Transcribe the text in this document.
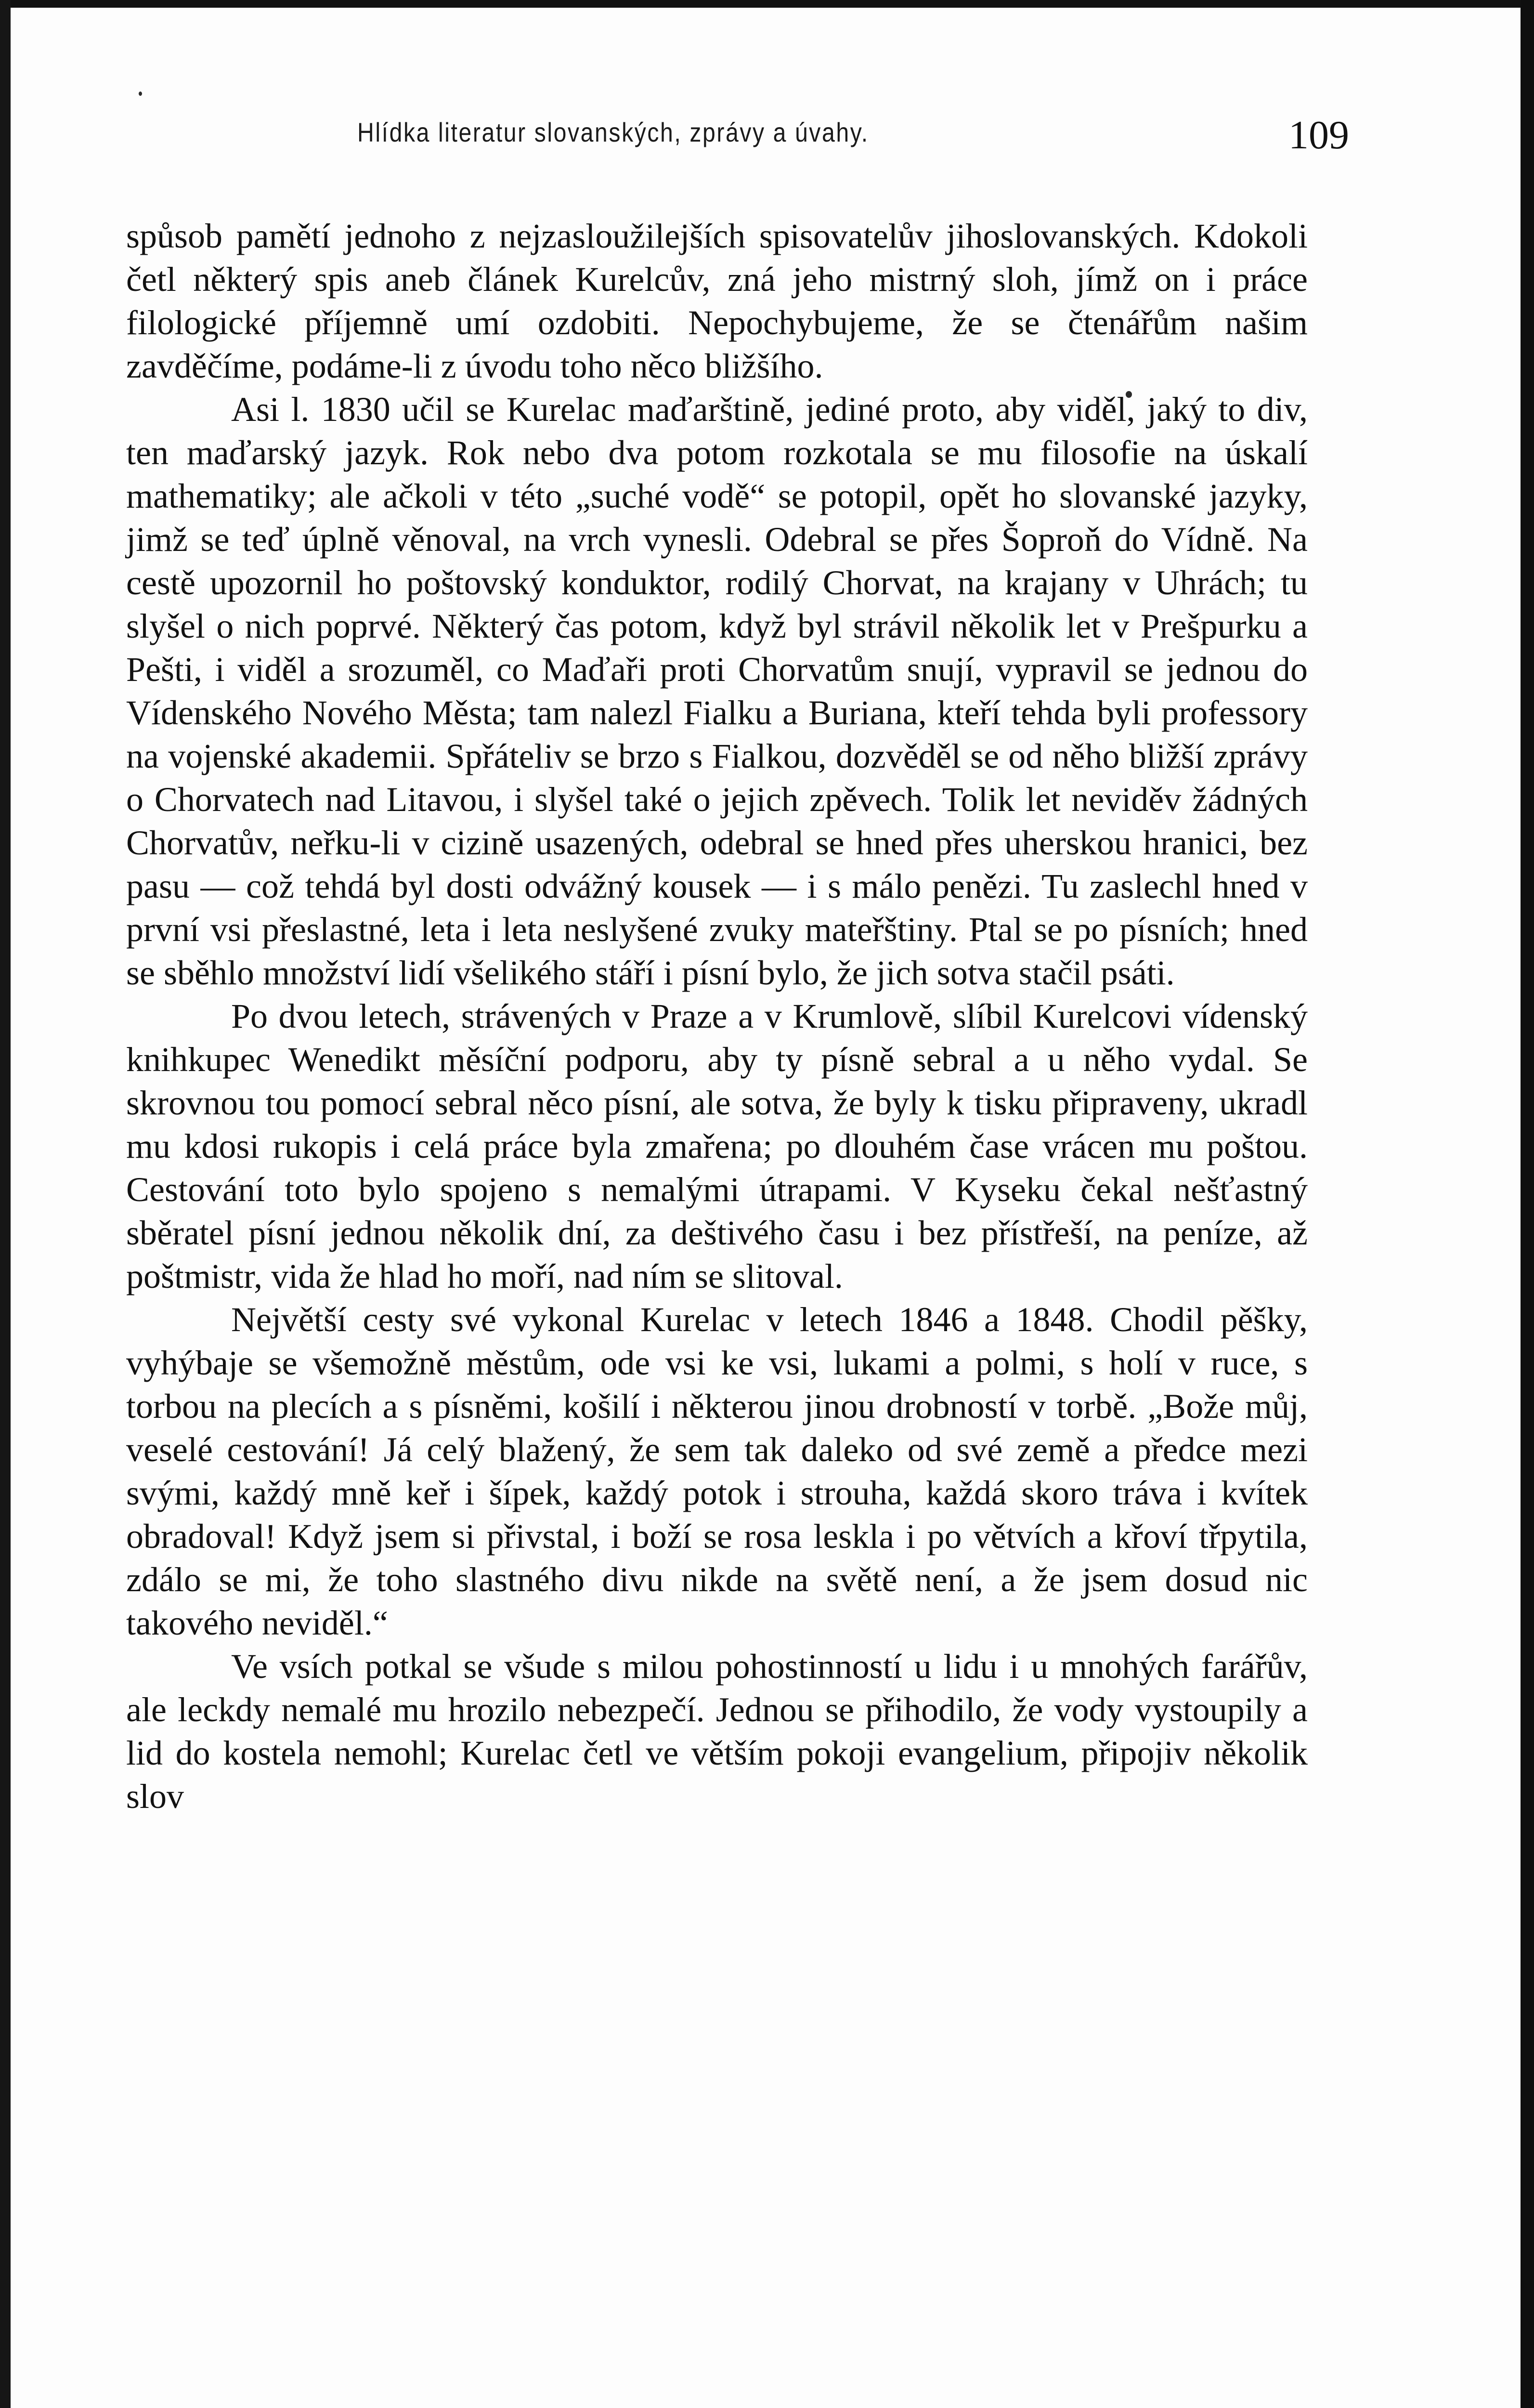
Hlídka literatur slovanských, zprávy a úvahy.	109

spůsob pamětí jednoho z nejzasloužilejších spisovatelův jihoslovanských. Kdokoli četl některý spis aneb článek Kurelcův, zná jeho mistrný sloh, jímž on i práce filologické příjemně umí ozdobiti. Nepochybujeme, že se čtenářům našim zavděčíme, podáme-li z úvodu toho něco bližšího.

Asi l. 1830 učil se Kurelac maďarštině, jediné proto, aby viděl, jaký to div, ten maďarský jazyk. Rok nebo dva potom rozkotala se mu filosofie na úskalí mathematiky; ale ačkoli v této „suché vodě“ se potopil, opět ho slovanské jazyky, jimž se teď úplně věnoval, na vrch vynesli. Odebral se přes Šoproň do Vídně. Na cestě upozornil ho poštovský konduktor, rodilý Chorvat, na krajany v Uhrách; tu slyšel o nich poprvé. Některý čas potom, když byl strávil několik let v Prešpurku a Pešti, i viděl a srozuměl, co Maďaři proti Chorvatům snují, vypravil se jednou do Vídenského Nového Města; tam nalezl Fialku a Buriana, kteří tehda byli professory na vojenské akademii. Spřáteliv se brzo s Fialkou, dozvěděl se od něho bližší zprávy o Chorvatech nad Litavou, i slyšel také o jejich zpěvech. Tolik let neviděv žádných Chorvatův, neřku-li v cizině usazených, odebral se hned přes uherskou hranici, bez pasu — což tehdá byl dosti odvážný kousek — i s málo penězi. Tu zaslechl hned v první vsi přeslastné, leta i leta neslyšené zvuky mateřštiny. Ptal se po písních; hned se sběhlo množství lidí všelikého stáří i písní bylo, že jich sotva stačil psáti.

Po dvou letech, strávených v Praze a v Krumlově, slíbil Kurelcovi vídenský knihkupec Wenedikt měsíční podporu, aby ty písně sebral a u něho vydal. Se skrovnou tou pomocí sebral něco písní, ale sotva, že byly k tisku připraveny, ukradl mu kdosi rukopis i celá práce byla zmařena; po dlouhém čase vrácen mu poštou. Cestování toto bylo spojeno s nemalými útrapami. V Kyseku čekal nešťastný sběratel písní jednou několik dní, za deštivého času i bez přístřeší, na peníze, až poštmistr, vida že hlad ho moří, nad ním se slitoval.

Největší cesty své vykonal Kurelac v letech 1846 a 1848. Chodil pěšky, vyhýbaje se všemožně městům, ode vsi ke vsi, lukami a polmi, s holí v ruce, s torbou na plecích a s písněmi, košilí i některou jinou drobností v torbě. „Bože můj, veselé cestování! Já celý blažený, že sem tak daleko od své země a předce mezi svými, každý mně keř i šípek, každý potok i strouha, každá skoro tráva i kvítek obradoval! Když jsem si přivstal, i boží se rosa leskla i po větvích a křoví třpytila, zdálo se mi, že toho slastného divu nikde na světě není, a že jsem dosud nic takového neviděl.“

Ve vsích potkal se všude s milou pohostinností u lidu i u mnohých farářův, ale leckdy nemalé mu hrozilo nebezpečí. Jednou se přihodilo, že vody vystoupily a lid do kostela nemohl; Kurelac četl ve větším pokoji evangelium, připojiv několik slov
